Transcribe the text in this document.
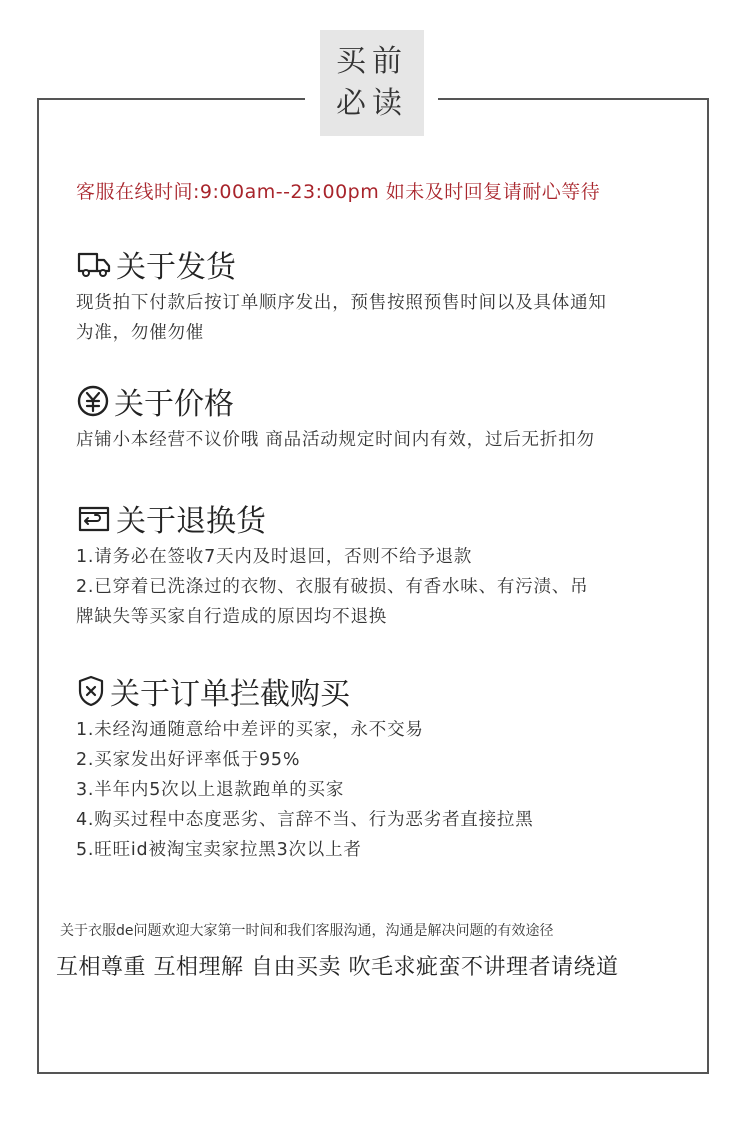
买前
必读
客服在线时间:9:00am--23:00pm 如未及时回复请耐心等待
关于发货
现货拍下付款后按订单顺序发出，预售按照预售时间以及具体通知
为准，勿催勿催
关于价格
店铺小本经营不议价哦 商品活动规定时间内有效，过后无折扣勿
关于退换货
1.请务必在签收7天内及时退回，否则不给予退款
2.已穿着已洗涤过的衣物、衣服有破损、有香水味、有污渍、吊
牌缺失等买家自行造成的原因均不退换
关于订单拦截购买
1.未经沟通随意给中差评的买家，永不交易
2.买家发出好评率低于95%
3.半年内5次以上退款跑单的买家
4.购买过程中态度恶劣、言辞不当、行为恶劣者直接拉黑
5.旺旺id被淘宝卖家拉黑3次以上者
关于衣服de问题欢迎大家第一时间和我们客服沟通，沟通是解决问题的有效途径
互相尊重 互相理解 自由买卖 吹毛求疵蛮不讲理者请绕道
